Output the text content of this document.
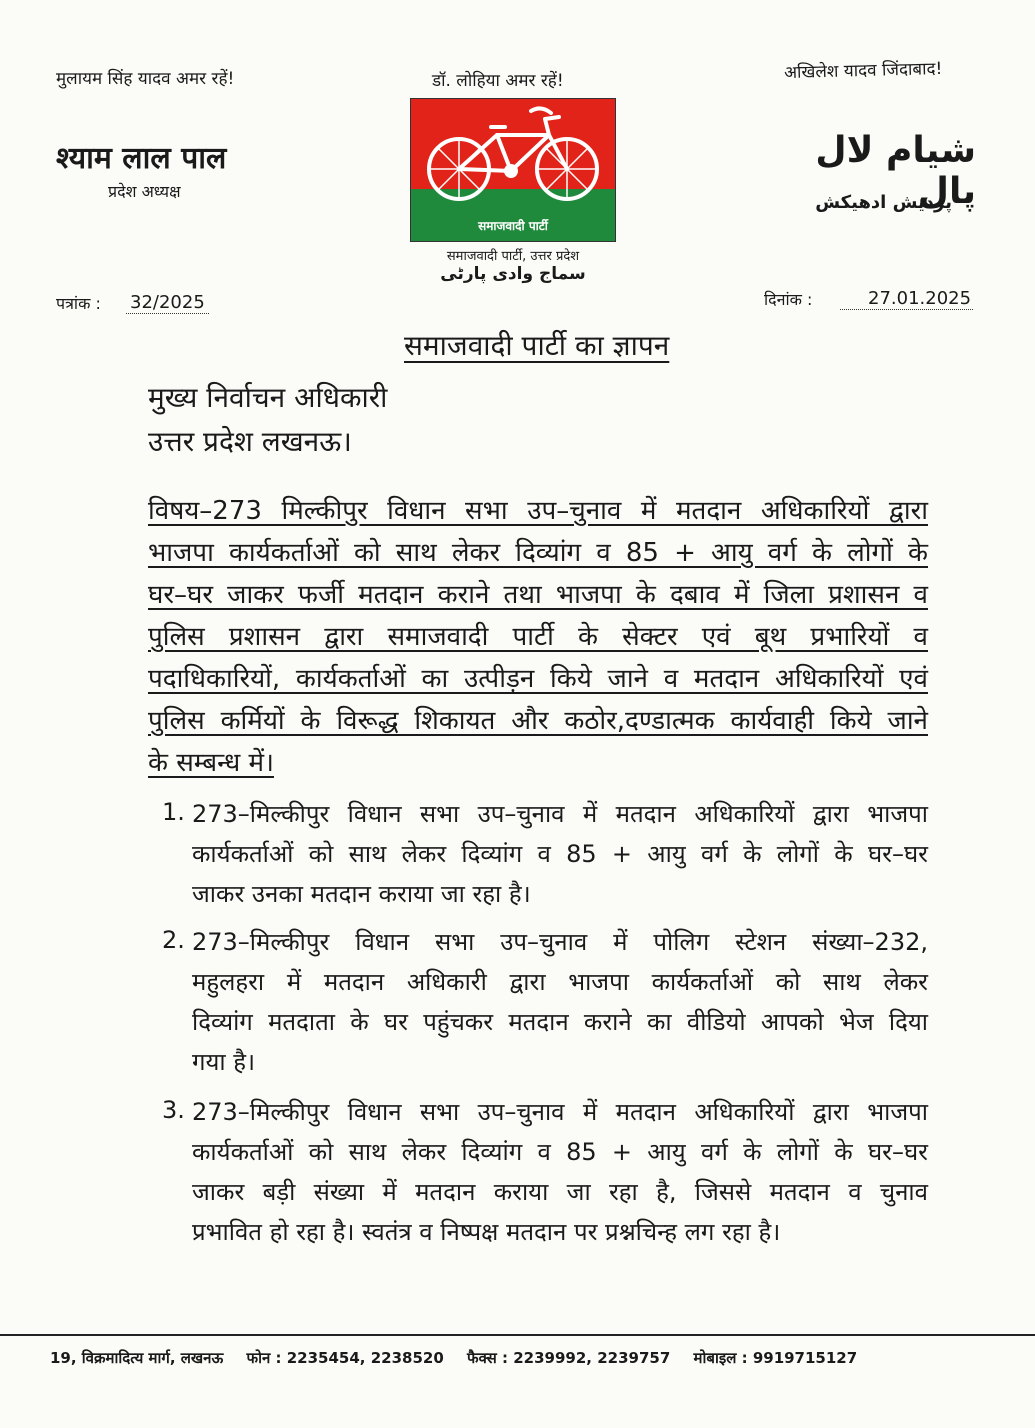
मुलायम सिंह यादव अमर रहें!	डॉ. लोहिया अमर रहें!	अखिलेश यादव जिंदाबाद!
श्याम लाल पाल
प्रदेश अध्यक्ष
شیام لال پال
پردیش ادھیکش
समाजवादी पार्टी
समाजवादी पार्टी, उत्तर प्रदेश
سماج وادی پارٹی
पत्रांक : 32/2025	दिनांक :	27.01.2025
समाजवादी पार्टी का ज्ञापन
मुख्य निर्वाचन अधिकारी
उत्तर प्रदेश लखनऊ।
विषय–273 मिल्कीपुर विधान सभा उप–चुनाव में मतदान अधिकारियों द्वारा
भाजपा कार्यकर्ताओं को साथ लेकर दिव्यांग व 85 + आयु वर्ग के लोगों के
घर–घर जाकर फर्जी मतदान कराने तथा भाजपा के दबाव में जिला प्रशासन व
पुलिस प्रशासन द्वारा समाजवादी पार्टी के सेक्टर एवं बूथ प्रभारियों व
पदाधिकारियों, कार्यकर्ताओं का उत्पीड़न किये जाने व मतदान अधिकारियों एवं
पुलिस कर्मियों के विरूद्ध शिकायत और कठोर,दण्डात्मक कार्यवाही किये जाने
के सम्बन्ध में।
1. 273–मिल्कीपुर विधान सभा उप–चुनाव में मतदान अधिकारियों द्वारा भाजपा
कार्यकर्ताओं को साथ लेकर दिव्यांग व 85 + आयु वर्ग के लोगों के घर–घर
जाकर उनका मतदान कराया जा रहा है।
2. 273–मिल्कीपुर विधान सभा उप–चुनाव में पोलिग स्टेशन संख्या–232,
महुलहरा में मतदान अधिकारी द्वारा भाजपा कार्यकर्ताओं को साथ लेकर
दिव्यांग मतदाता के घर पहुंचकर मतदान कराने का वीडियो आपको भेज दिया
गया है।
3. 273–मिल्कीपुर विधान सभा उप–चुनाव में मतदान अधिकारियों द्वारा भाजपा
कार्यकर्ताओं को साथ लेकर दिव्यांग व 85 + आयु वर्ग के लोगों के घर–घर
जाकर बड़ी संख्या में मतदान कराया जा रहा है, जिससे मतदान व चुनाव
प्रभावित हो रहा है। स्वतंत्र व निष्पक्ष मतदान पर प्रश्नचिन्ह लग रहा है।
19, विक्रमादित्य मार्ग, लखनऊ फोन : 2235454, 2238520 फैक्स : 2239992, 2239757 मोबाइल : 9919715127
